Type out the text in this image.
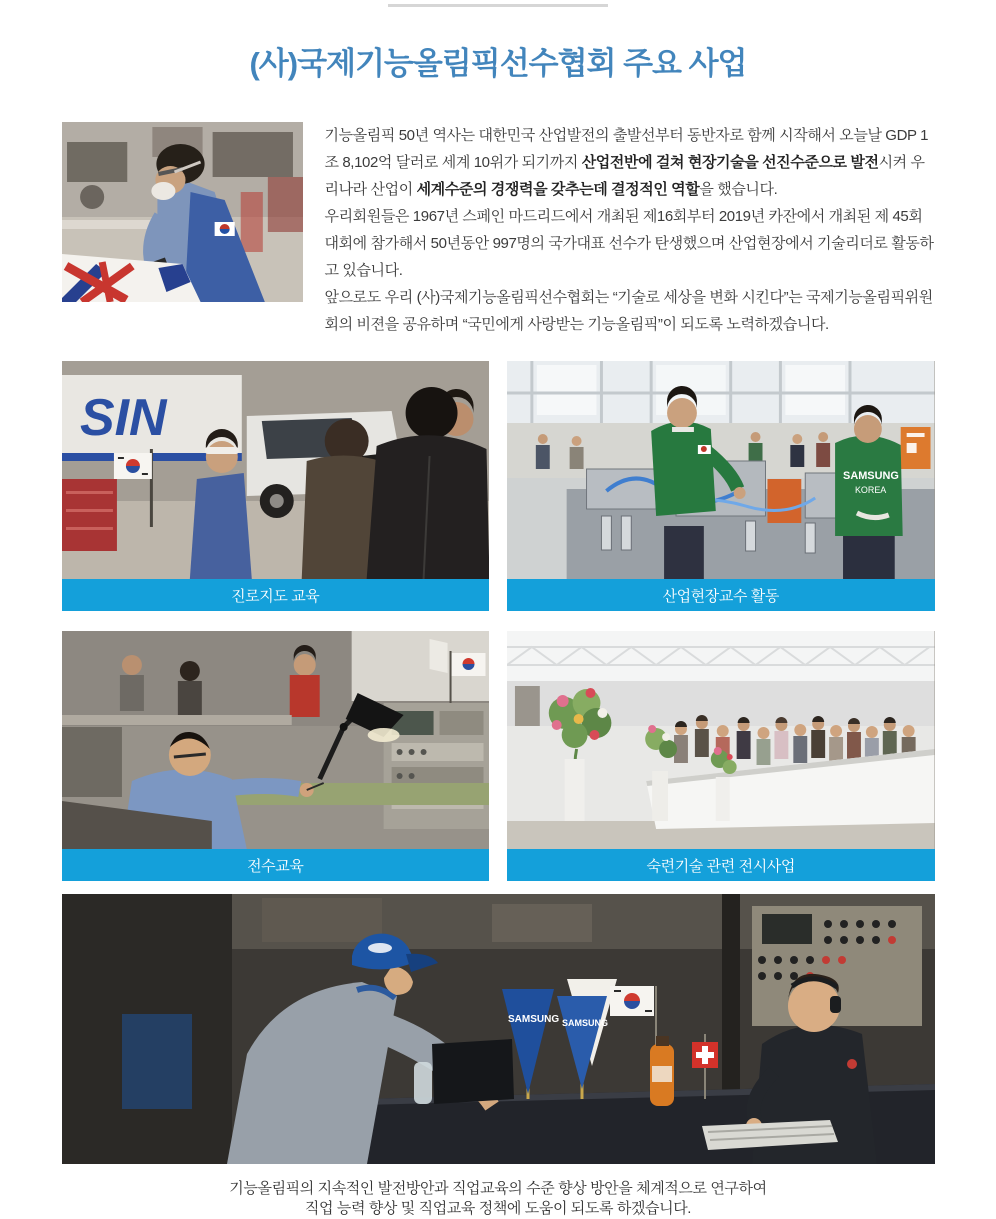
(사)국제기능올림픽선수협회 주요 사업

기능올림픽 50년 역사는 대한민국 산업발전의 출발선부터 동반자로 함께 시작해서 오늘날 GDP 1조 8,102억 달러로 세계 10위가 되기까지 산업전반에 걸쳐 현장기술을 선진수준으로 발전시켜 우리나라 산업이 세계수준의 경쟁력을 갖추는데 결정적인 역할을 했습니다.

우리회원들은 1967년 스페인 마드리드에서 개최된 제16회부터 2019년 카잔에서 개최된 제 45회 대회에 참가해서 50년동안 997명의 국가대표 선수가 탄생했으며 산업현장에서 기술리더로 활동하고 있습니다.

앞으로도 우리 (사)국제기능올림픽선수협회는 “기술로 세상을 변화 시킨다”는 국제기능올림픽위원회의 비젼을 공유하며 “국민에게 사랑받는 기능올림픽”이 되도록 노력하겠습니다.

SIN
진로지도 교육
SAMSUNG
KOREA
산업현장교수 활동
전수교육	숙련기술 관련 전시사업
SAMSUNG SAMSUNG
기능올림픽의 지속적인 발전방안과 직업교육의 수준 향상 방안을 체계적으로 연구하여
직업 능력 향상 및 직업교육 정책에 도움이 되도록 하겠습니다.
